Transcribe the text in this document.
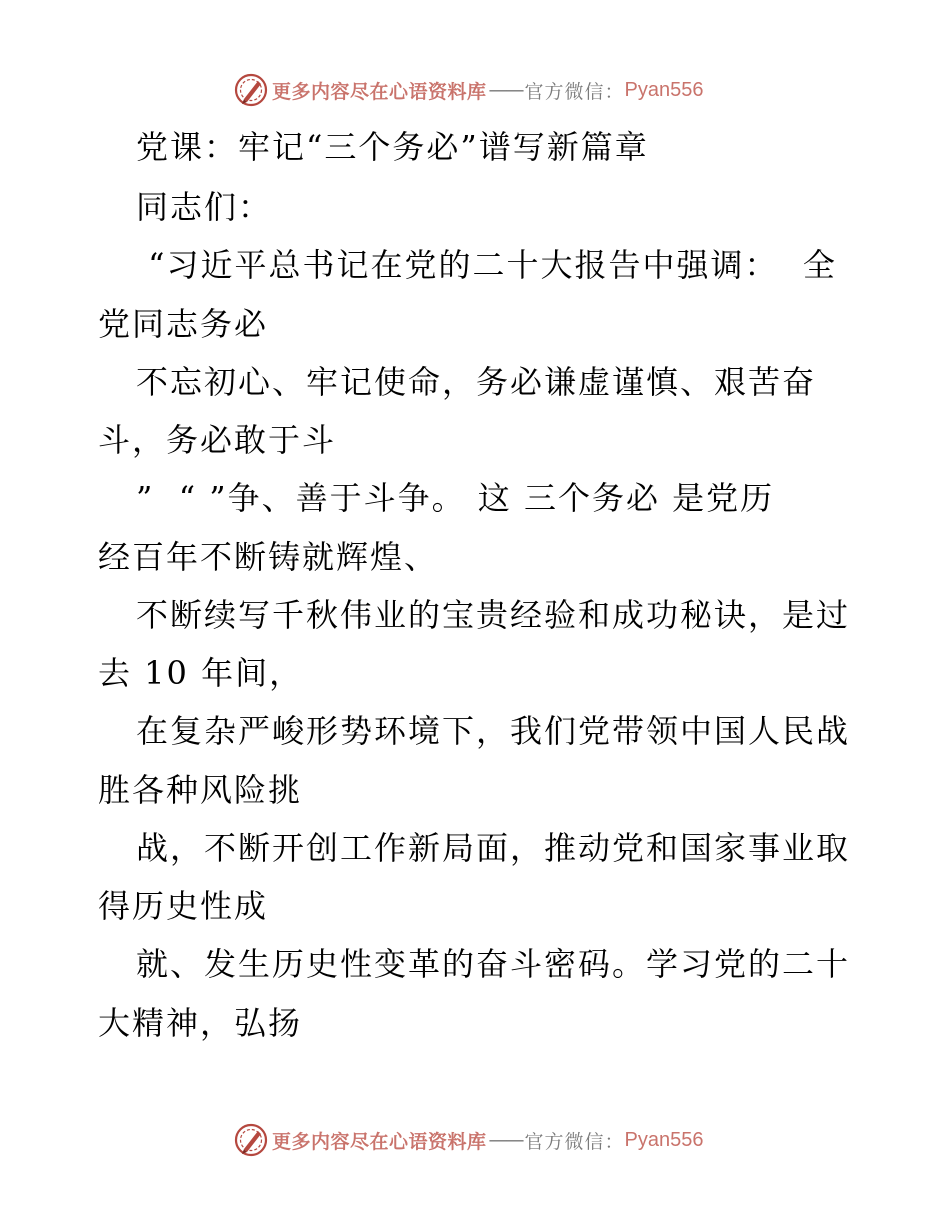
更多内容尽在心语资料库 —— 官方微信： Pyan556
党课：牢记“三个务必”谱写新篇章
同志们：
“习近平总书记在党的二十大报告中强调：  全
党同志务必
不忘初心、牢记使命，务必谦虚谨慎、艰苦奋
斗，务必敢于斗
”  “ ”争、善于斗争。 这 三个务必 是党历
经百年不断铸就辉煌、
不断续写千秋伟业的宝贵经验和成功秘诀，是过
去 10 年间，
在复杂严峻形势环境下，我们党带领中国人民战
胜各种风险挑
战，不断开创工作新局面，推动党和国家事业取
得历史性成
就、发生历史性变革的奋斗密码。学习党的二十
大精神，弘扬
更多内容尽在心语资料库 —— 官方微信： Pyan556
